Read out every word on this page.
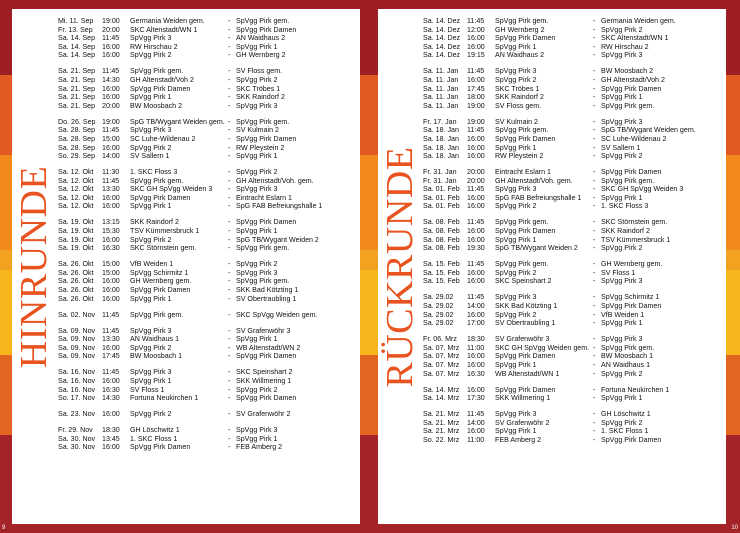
HINRUNDE
Mi. 11. Sep 19:00 Germania Weiden gem.	- SpVgg Pirk gem.
Fr. 13. Sep 20:00 SKC Altenstadt/WN 1	- SpVgg Pirk Damen
Sa. 14. Sep 11:45 SpVgg Pirk 3	- AN Waidhaus 2
Sa. 14. Sep 16:00 RW Hirschau 2	- SpVgg Pirk 1
Sa. 14. Sep 16:00 SpVgg Pirk 2	- GH Wernberg 2
Sa. 21. Sep 11:45 SpVgg Pirk gem.	- SV Floss gem.
Sa. 21. Sep 14:30 GH Altenstadt/Voh 2	- SpVgg Pirk 2
Sa. 21. Sep 16:00 SpVgg Pirk Damen	- SKC Tröbes 1
Sa. 21. Sep 16:00 SpVgg Pirk 1	- SKK Raindorf 2
Sa. 21. Sep 20:00 BW Moosbach 2	- SpVgg Pirk 3
Do. 26. Sep 19:00 SpG TB/Wygant Weiden gem. - SpVgg Pirk gem.
Sa. 28. Sep 11:45 SpVgg Pirk 3	- SV Kulmain 2
Sa. 28. Sep 15:00 SC Luhe-Wildenau 2	- SpVgg Pirk Damen
Sa. 28. Sep 16:00 SpVgg Pirk 2	- RW Pleystein 2
So. 29. Sep 14:00 SV Sallern 1	- SpVgg Pirk 1
Sa. 12. Okt 11:30 1. SKC Floss 3	- SpVgg Pirk 2
Sa. 12. Okt 11:45 SpVgg Pirk gem.	- GH Altenstadt/Voh. gem.
Sa. 12. Okt 13:30 SKC GH SpVgg Weiden 3 - SpVgg Pirk 3
Sa. 12. Okt 16:00 SpVgg Pirk Damen	- Eintracht Eslarn 1
Sa. 12. Okt 16:00 SpVgg Pirk 1	- SpG FAB Befreiungshalle 1
Sa. 19. Okt 13:15 SKK Raindorf 2	- SpVgg Pirk Damen
Sa. 19. Okt 15:30 TSV Kümmersbruck 1	- SpVgg Pirk 1
Sa. 19. Okt 16:00 SpVgg Pirk 2	- SpG TB/Wygant Weiden 2
Sa. 19. Okt 16:30 SKC Störnstein gem.	- SpVgg Pirk gem.
Sa. 26. Okt 15:00 VfB Weiden 1	- SpVgg Pirk 2
Sa. 26. Okt 15:00 SpVgg Schirmitz 1	- SpVgg Pirk 3
Sa. 26. Okt 16:00 GH Wernberg gem.	- SpVgg Pirk gem.
Sa. 26. Okt 16:00 SpVgg Pirk Damen	- SKK Bad Kötzting 1
Sa. 26. Okt 16:00 SpVgg Pirk 1	- SV Obertraubling 1
Sa. 02. Nov 11:45 SpVgg Pirk gem.	- SKC SpVgg Weiden gem.
Sa. 09. Nov 11:45 SpVgg Pirk 3	- SV Grafenwöhr 3
Sa. 09. Nov 13:30 AN Waidhaus 1	- SpVgg Pirk 1
Sa. 09. Nov 16:00 SpVgg Pirk 2	- WB Altenstadt/WN 2
Sa. 09. Nov 17:45 BW Moosbach 1	- SpVgg Pirk Damen
Sa. 16. Nov 11:45 SpVgg Pirk 3	- SKC Speinshart 2
Sa. 16. Nov 16:00 SpVgg Pirk 1	- SKK Willmering 1
Sa. 16. Nov 16:30 SV Floss 1	- SpVgg Pirk 2
So. 17. Nov 14:30 Fortuna Neukirchen 1	- SpVgg Pirk Damen
Sa. 23. Nov 16:00 SpVgg Pirk 2	- SV Grafenwöhr 2
Fr. 29. Nov 18:30 GH Löschwitz 1	- SpVgg Pirk 3
Sa. 30. Nov 13:45 1. SKC Floss 1	- SpVgg Pirk 1
Sa. 30. Nov 16:00 SpVgg Pirk Damen	- FEB Amberg 2
9
RÜCKRUNDE
Sa. 14. Dez 11:45 SpVgg Pirk gem.	- Germania Weiden gem.
Sa. 14. Dez 12:00 GH Wernberg 2	- SpVgg Pirk 2
Sa. 14. Dez 16:00 SpVgg Pirk Damen	- SKC Altenstadt/WN 1
Sa. 14. Dez 16:00 SpVgg Pirk 1	- RW Hirschau 2
Sa. 14. Dez 19:15 AN Waidhaus 2	- SpVgg Pirk 3
Sa. 11. Jan 11:45 SpVgg Pirk 3	- BW Moosbach 2
Sa. 11. Jan 16:00 SpVgg Pirk 2	- GH Altenstadt/Voh 2
Sa. 11. Jan 17:45 SKC Tröbes 1	- SpVgg Pirk Damen
Sa. 11. Jan 18:00 SKK Raindorf 2	- SpVgg Pirk 1
Sa. 11. Jan 19:00 SV Floss gem.	- SpVgg Pirk gem.
Fr. 17. Jan 19:00 SV Kulmain 2	- SpVgg Pirk 3
Sa. 18. Jan 11:45 SpVgg Pirk gem.	- SpG TB/Wygant Weiden gem.
Sa. 18. Jan 16:00 SpVgg Pirk Damen	- SC Luhe-Wildenau 2
Sa. 18. Jan 16:00 SpVgg Pirk 1	- SV Sallern 1
Sa. 18. Jan 16:00 RW Pleystein 2	- SpVgg Pirk 2
Fr. 31. Jan 20:00 Eintracht Eslarn 1	- SpVgg Pirk Damen
Fr. 31. Jan 20:00 GH Altenstadt/Voh. gem.	- SpVgg Pirk gem.
Sa. 01. Feb 11:45 SpVgg Pirk 3	- SKC GH SpVgg Weiden 3
Sa. 01. Feb 16:00 SpG FAB Befreiungshalle 1 - SpVgg Pirk 1
Sa. 01. Feb 16:00 SpVgg Pirk 2	- 1. SKC Floss 3
Sa. 08. Feb 11:45 SpVgg Pirk gem.	- SKC Störnstein gem.
Sa. 08. Feb 16:00 SpVgg Pirk Damen	- SKK Raindorf 2
Sa. 08. Feb 16:00 SpVgg Pirk 1	- TSV Kümmersbruck 1
Sa. 08. Feb 19:30 SpG TB/Wygant Weiden 2 - SpVgg Pirk 2
Sa. 15. Feb 11:45 SpVgg Pirk gem.	- GH Wernberg gem.
Sa. 15. Feb 16:00 SpVgg Pirk 2	- SV Floss 1
Sa. 15. Feb 16:00 SKC Speinshart 2	- SpVgg Pirk 3
Sa. 29.02 11:45 SpVgg Pirk 3	- SpVgg Schirmitz 1
Sa. 29.02 14:00 SKK Bad Kötzting 1	- SpVgg Pirk Damen
Sa. 29.02 16:00 SpVgg Pirk 2	- VfB Weiden 1
Sa. 29.02 17:00 SV Obertraubling 1	- SpVgg Pirk 1
Fr. 06. Mrz 18:30 SV Grafenwöhr 3	- SpVgg Pirk 3
Sa. 07. Mrz 11:00 SKC GH SpVgg Weiden gem. - SpVgg Pirk gem.
Sa. 07. Mrz 16:00 SpVgg Pirk Damen	- BW Moosbach 1
Sa. 07. Mrz 16:00 SpVgg Pirk 1	- AN Waidhaus 1
Sa. 07. Mrz 16:30 WB Altenstadt/WN 1	- SpVgg Pirk 2
Sa. 14. Mrz 16:00 SpVgg Pirk Damen	- Fortuna Neukirchen 1
Sa. 14. Mrz 17:30 SKK Willmering 1	- SpVgg Pirk 1
Sa. 21. Mrz 11:45 SpVgg Pirk 3	- GH Löschwitz 1
Sa. 21. Mrz 14:00 SV Grafenwöhr 2	- SpVgg Pirk 2
Sa. 21. Mrz 16:00 SpVgg Pirk 1	- 1. SKC Floss 1
So. 22. Mrz 11:00 FEB Amberg 2	- SpVgg Pirk Damen
10
